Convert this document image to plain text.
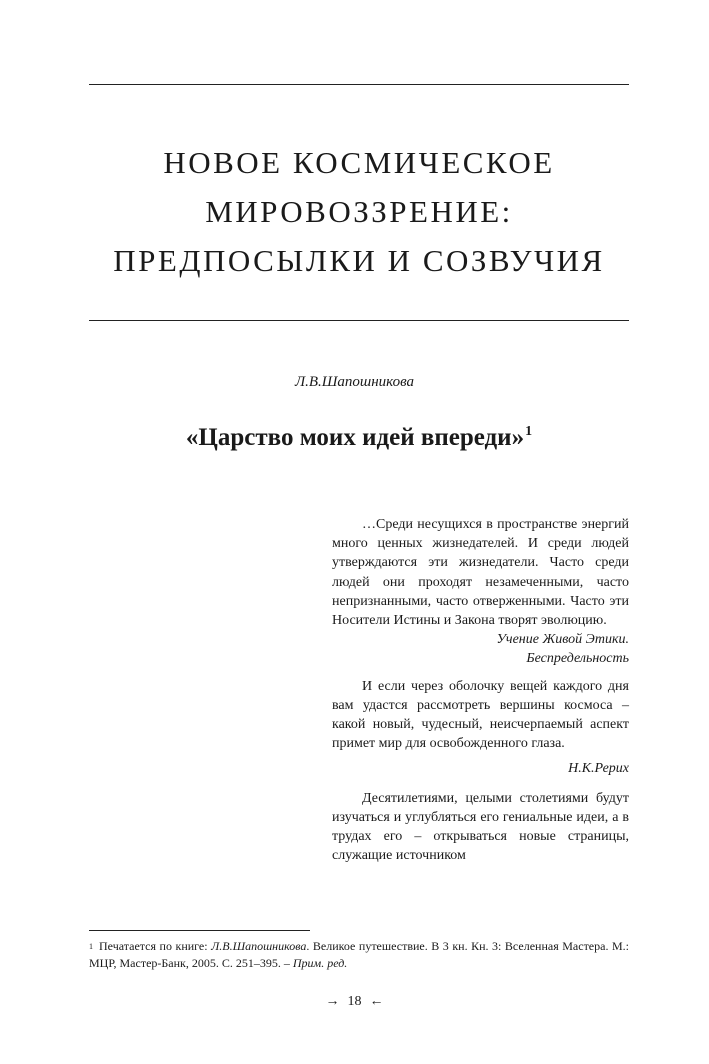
НОВОЕ КОСМИЧЕСКОЕ
МИРОВОЗЗРЕНИЕ:
ПРЕДПОСЫЛКИ И СОЗВУЧИЯ
Л.В.Шапошникова
«Царство моих идей впереди»$^1$

…Среди несущихся в пространстве энергий много ценных жизнедателей. И среди людей утверждаются эти жизнедатели. Часто среди людей они проходят незамеченными, часто непризнанными, часто отверженными. Часто эти Носители Истины и Закона творят эволюцию.

Учение Живой Этики.

Беспредельность

И если через оболочку вещей каждого дня вам удастся рассмотреть вершины космоса – какой новый, чудесный, неисчерпаемый аспект примет мир для освобожденного глаза.

Н.К.Рерих

Десятилетиями, целыми столетиями будут изучаться и углубляться его гениальные идеи, а в трудах его – открываться новые страницы, служащие источником

$^1$ Печатается по книге: Л.В.Шапошникова. Великое путешествие. В 3 кн. Кн. 3: Вселенная Мастера. М.: МЦР, Мастер-Банк, 2005. С. 251–395. – Прим. ред.
→ 18 ←
